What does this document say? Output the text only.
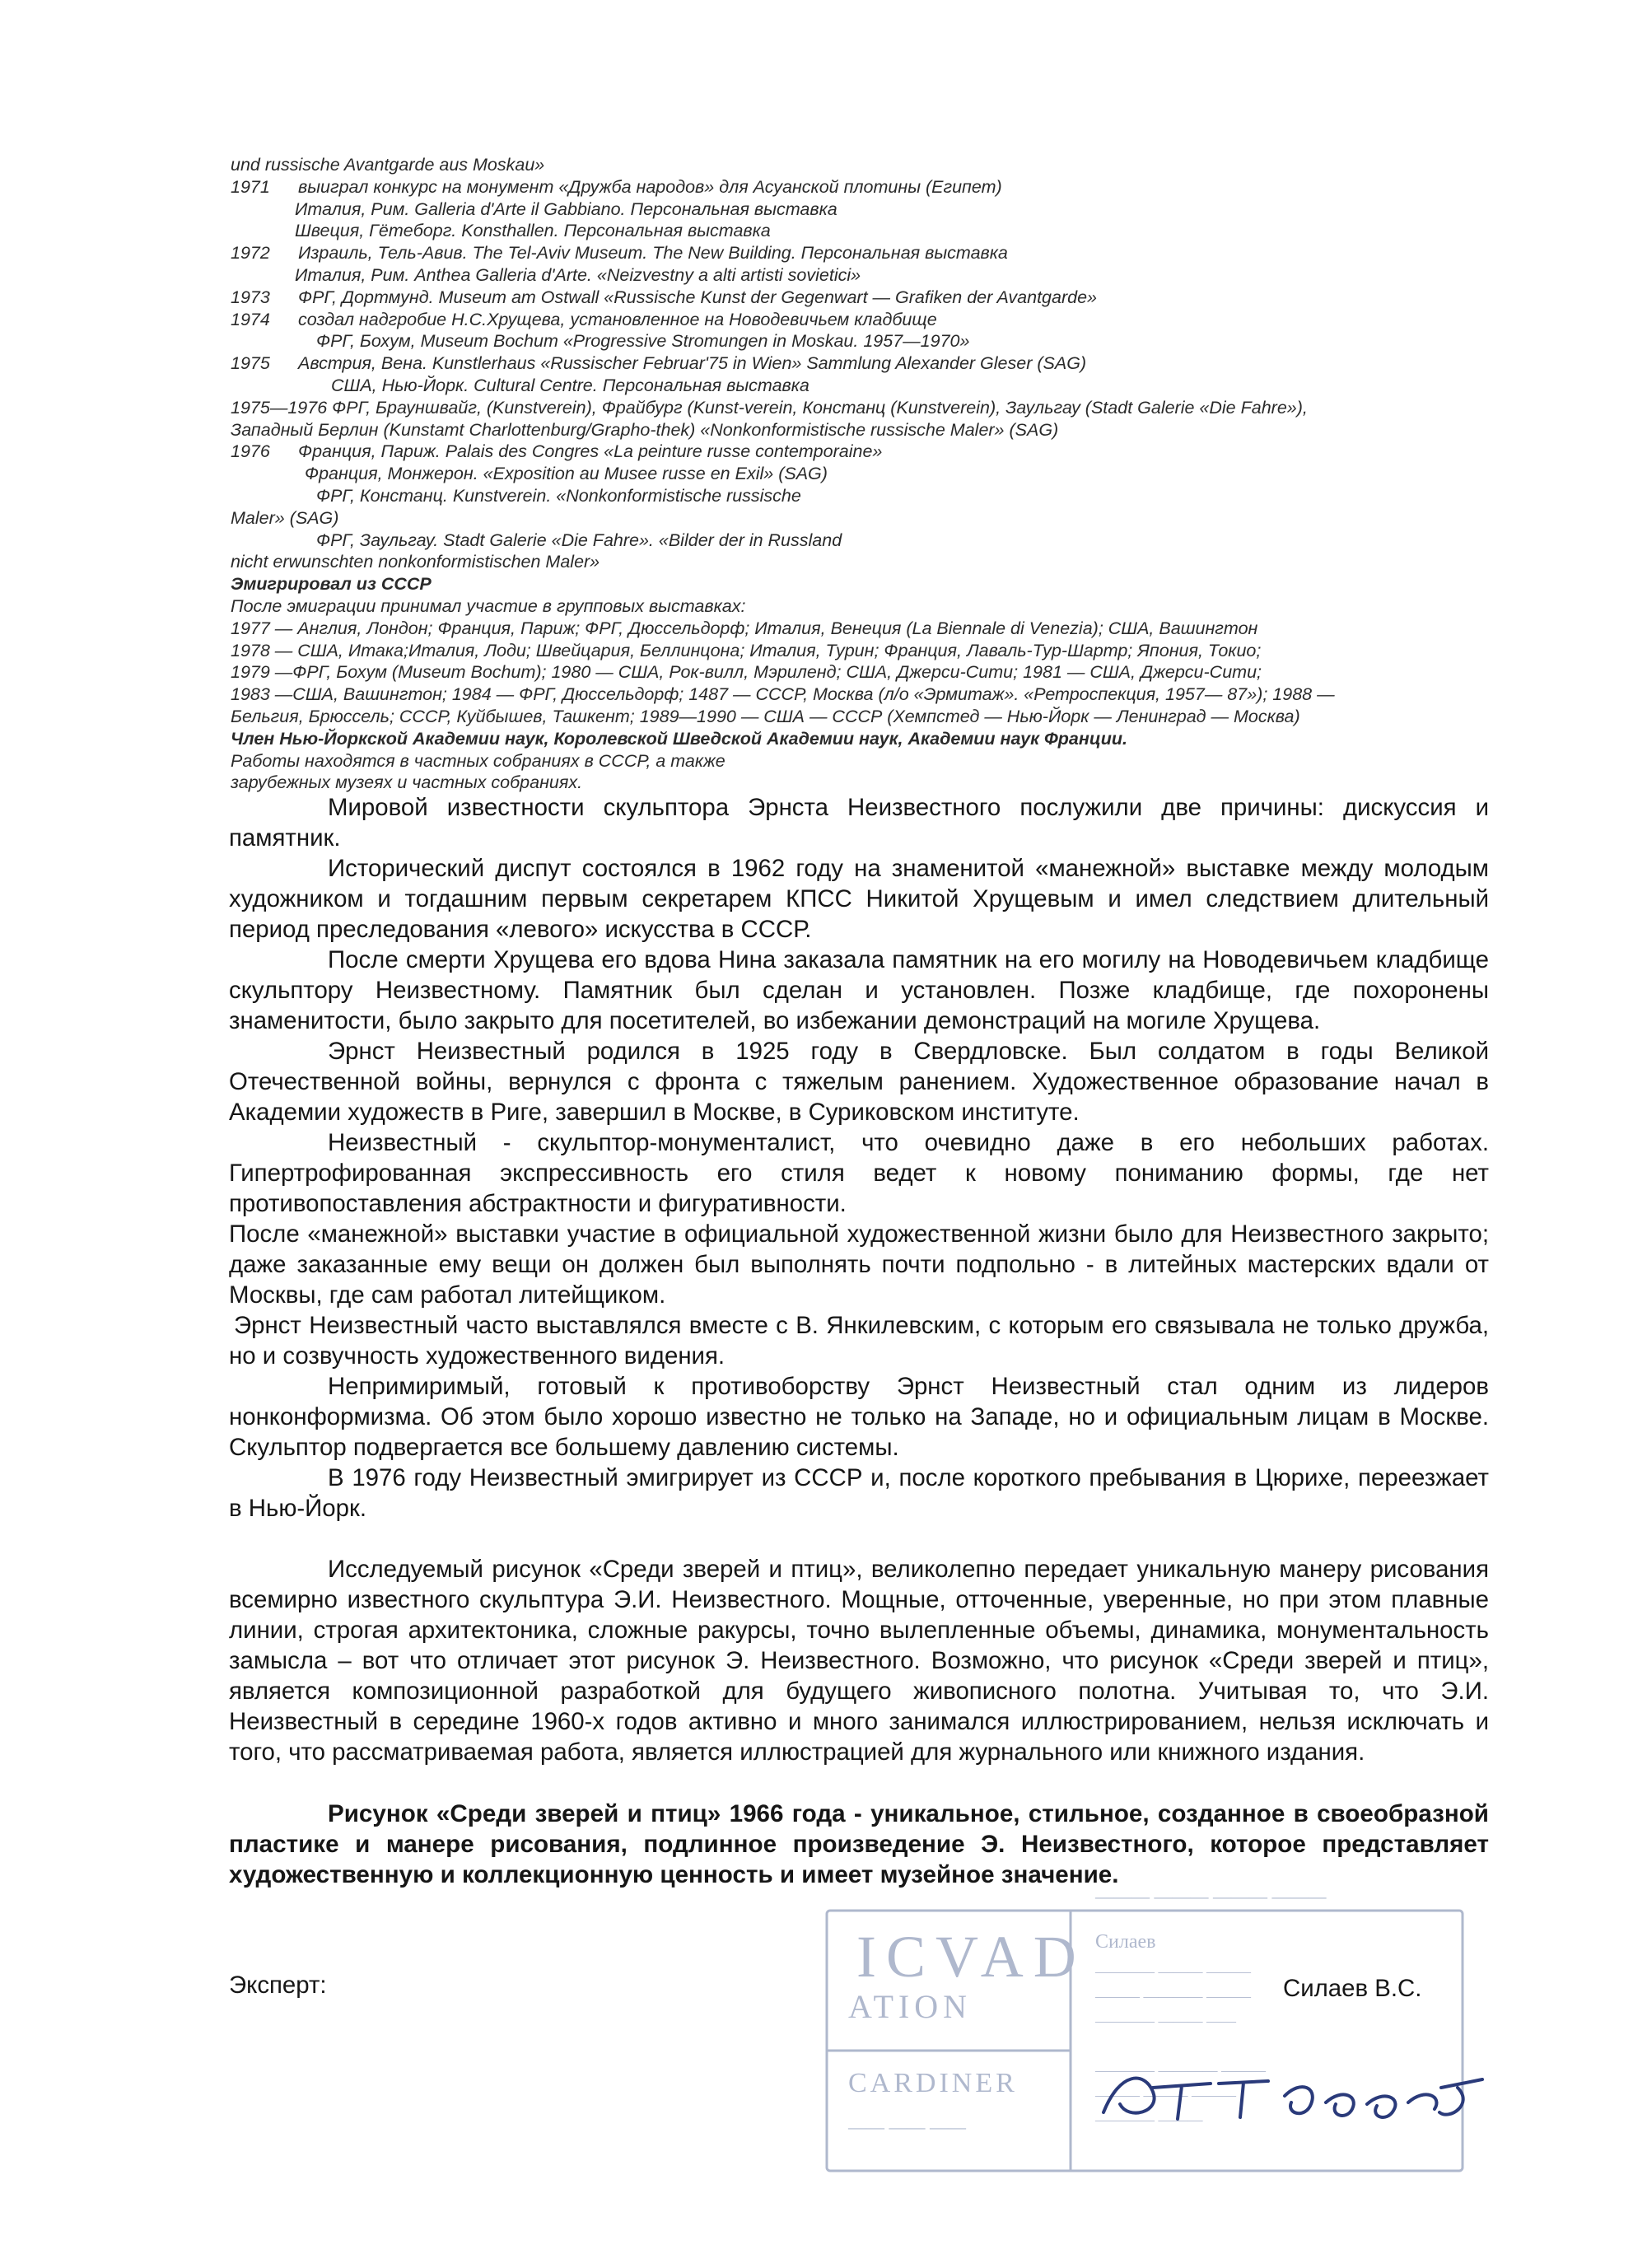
und russische Avantgarde aus Moskau»
1971 выиграл конкурс на монумент «Дружба народов» для Асуанской плотины (Египет)
Италия, Рим. Galleria d'Arte il Gabbiano. Персональная выставка
Швеция, Гётеборг. Konsthallen. Персональная выставка
1972 Израиль, Тель-Авив. The Tel-Aviv Museum. The New Building. Персональная выставка
Италия, Рим. Anthea Galleria d'Arte. «Neizvestny a alti artisti sovietici»
1973 ФРГ, Дортмунд. Museum am Ostwall «Russische Kunst der Gegenwart — Grafiken der Avantgarde»
1974 создал надгробие Н.С.Хрущева, установленное на Новодевичьем кладбище
ФРГ, Бохум, Museum Bochum «Progressive Stromungen in Moskau. 1957—1970»
1975 Австрия, Вена. Kunstlerhaus «Russischer Februar'75 in Wien» Sammlung Alexander Gleser (SAG)
США, Нью-Йорк. Cultural Centre. Персональная выставка
1975—1976 ФРГ, Брауншвайг, (Kunstverein), Фрайбург (Kunst-verein, Констанц (Kunstverein), Заульгау (Stadt Galerie «Die Fahre»),
Западный Берлин (Kunstamt Charlottenburg/Grapho-thek) «Nonkonformistische russische Maler» (SAG)
1976 Франция, Париж. Palais des Congres «La peinture russe contemporaine»
Франция, Монжерон. «Exposition au Musee russe en Exil» (SAG)
ФРГ, Констанц. Kunstverein. «Nonkonformistische russische
Maler» (SAG)
ФРГ, Заульгау. Stadt Galerie «Die Fahre». «Bilder der in Russland
nicht erwunschten nonkonformistischen Maler»
Эмигрировал из СССР
После эмиграции принимал участие в групповых выставках:
1977 — Англия, Лондон; Франция, Париж; ФРГ, Дюссельдорф; Италия, Венеция (La Biennale di Venezia); США, Вашингтон
1978 — США, Итака;Италия, Лоди; Швейцария, Беллинцона; Италия, Турин; Франция, Лаваль-Тур-Шартр; Япония, Токио;
1979 —ФРГ, Бохум (Museum Bochum); 1980 — США, Рок-вилл, Мэриленд; США, Джерси-Сити; 1981 — США, Джерси-Сити;
1983 —США, Вашингтон; 1984 — ФРГ, Дюссельдорф; 1487 — СССР, Москва (л/о «Эрмитаж». «Ретроспекция, 1957— 87»); 1988 —
Бельгия, Брюссель; СССР, Куйбышев, Ташкент; 1989—1990 — США — СССР (Хемпстед — Нью-Йорк — Ленинград — Москва)
Член Нью-Йоркской Академии наук, Королевской Шведской Академии наук, Академии наук Франции.
Работы находятся в частных собраниях в СССР, а также
зарубежных музеях и частных собраниях.

Мировой известности скульптора Эрнста Неизвестного послужили две причины: дискуссия и памятник.

Исторический диспут состоялся в 1962 году на знаменитой «манежной» выставке между молодым художником и тогдашним первым секретарем КПСС Никитой Хрущевым и имел следствием длительный период преследования «левого» искусства в СССР.

После смерти Хрущева его вдова Нина заказала памятник на его могилу на Новодевичьем кладбище скульптору Неизвестному. Памятник был сделан и установлен. Позже кладбище, где похоронены знаменитости, было закрыто для посетителей, во избежании демонстраций на могиле Хрущева.

Эрнст Неизвестный родился в 1925 году в Свердловске. Был солдатом в годы Великой Отечественной войны, вернулся с фронта с тяжелым ранением. Художественное образование начал в Академии художеств в Риге, завершил в Москве, в Суриковском институте.

Неизвестный - скульптор-монументалист, что очевидно даже в его небольших работах. Гипертрофированная экспрессивность его стиля ведет к новому пониманию формы, где нет противопоставления абстрактности и фигуративности.

После «манежной» выставки участие в официальной художественной жизни было для Неизвестного закрыто; даже заказанные ему вещи он должен был выполнять почти подпольно - в литейных мастерских вдали от Москвы, где сам работал литейщиком.

Эрнст Неизвестный часто выставлялся вместе с В. Янкилевским, с которым его связывала не только дружба, но и созвучность художественного видения.

Непримиримый, готовый к противоборству Эрнст Неизвестный стал одним из лидеров нонконформизма. Об этом было хорошо известно не только на Западе, но и официальным лицам в Москве. Скульптор подвергается все большему давлению системы.

В 1976 году Неизвестный эмигрирует из СССР и, после короткого пребывания в Цюрихе, переезжает в Нью-Йорк.

Исследуемый рисунок «Среди зверей и птиц», великолепно передает уникальную манеру рисования всемирно известного скульптура Э.И. Неизвестного. Мощные, отточенные, уверенные, но при этом плавные линии, строгая архитектоника, сложные ракурсы, точно вылепленные объемы, динамика, монументальность замысла – вот что отличает этот рисунок Э. Неизвестного. Возможно, что рисунок «Среди зверей и птиц», является композиционной разработкой для будущего живописного полотна. Учитывая то, что Э.И. Неизвестный в середине 1960-х годов активно и много занимался иллюстрированием, нельзя исключать и того, что рассматриваемая работа, является иллюстрацией для журнального или книжного издания.

Рисунок «Среди зверей и птиц» 1966 года - уникальное, стильное, созданное в своеобразной пластике и манере рисования, подлинное произведение Э. Неизвестного, которое представляет художественную и коллекционную ценность и имеет музейное значение.

Эксперт:	Силаев В.С.
ICVAD
ATION
CARDINER
—— —— ——
Силаев
———— ——— ———
——— ———— ———
———— ——— ——
———— ———— ———
——— ——— ———
———— ———
——— ——— ——— ———
